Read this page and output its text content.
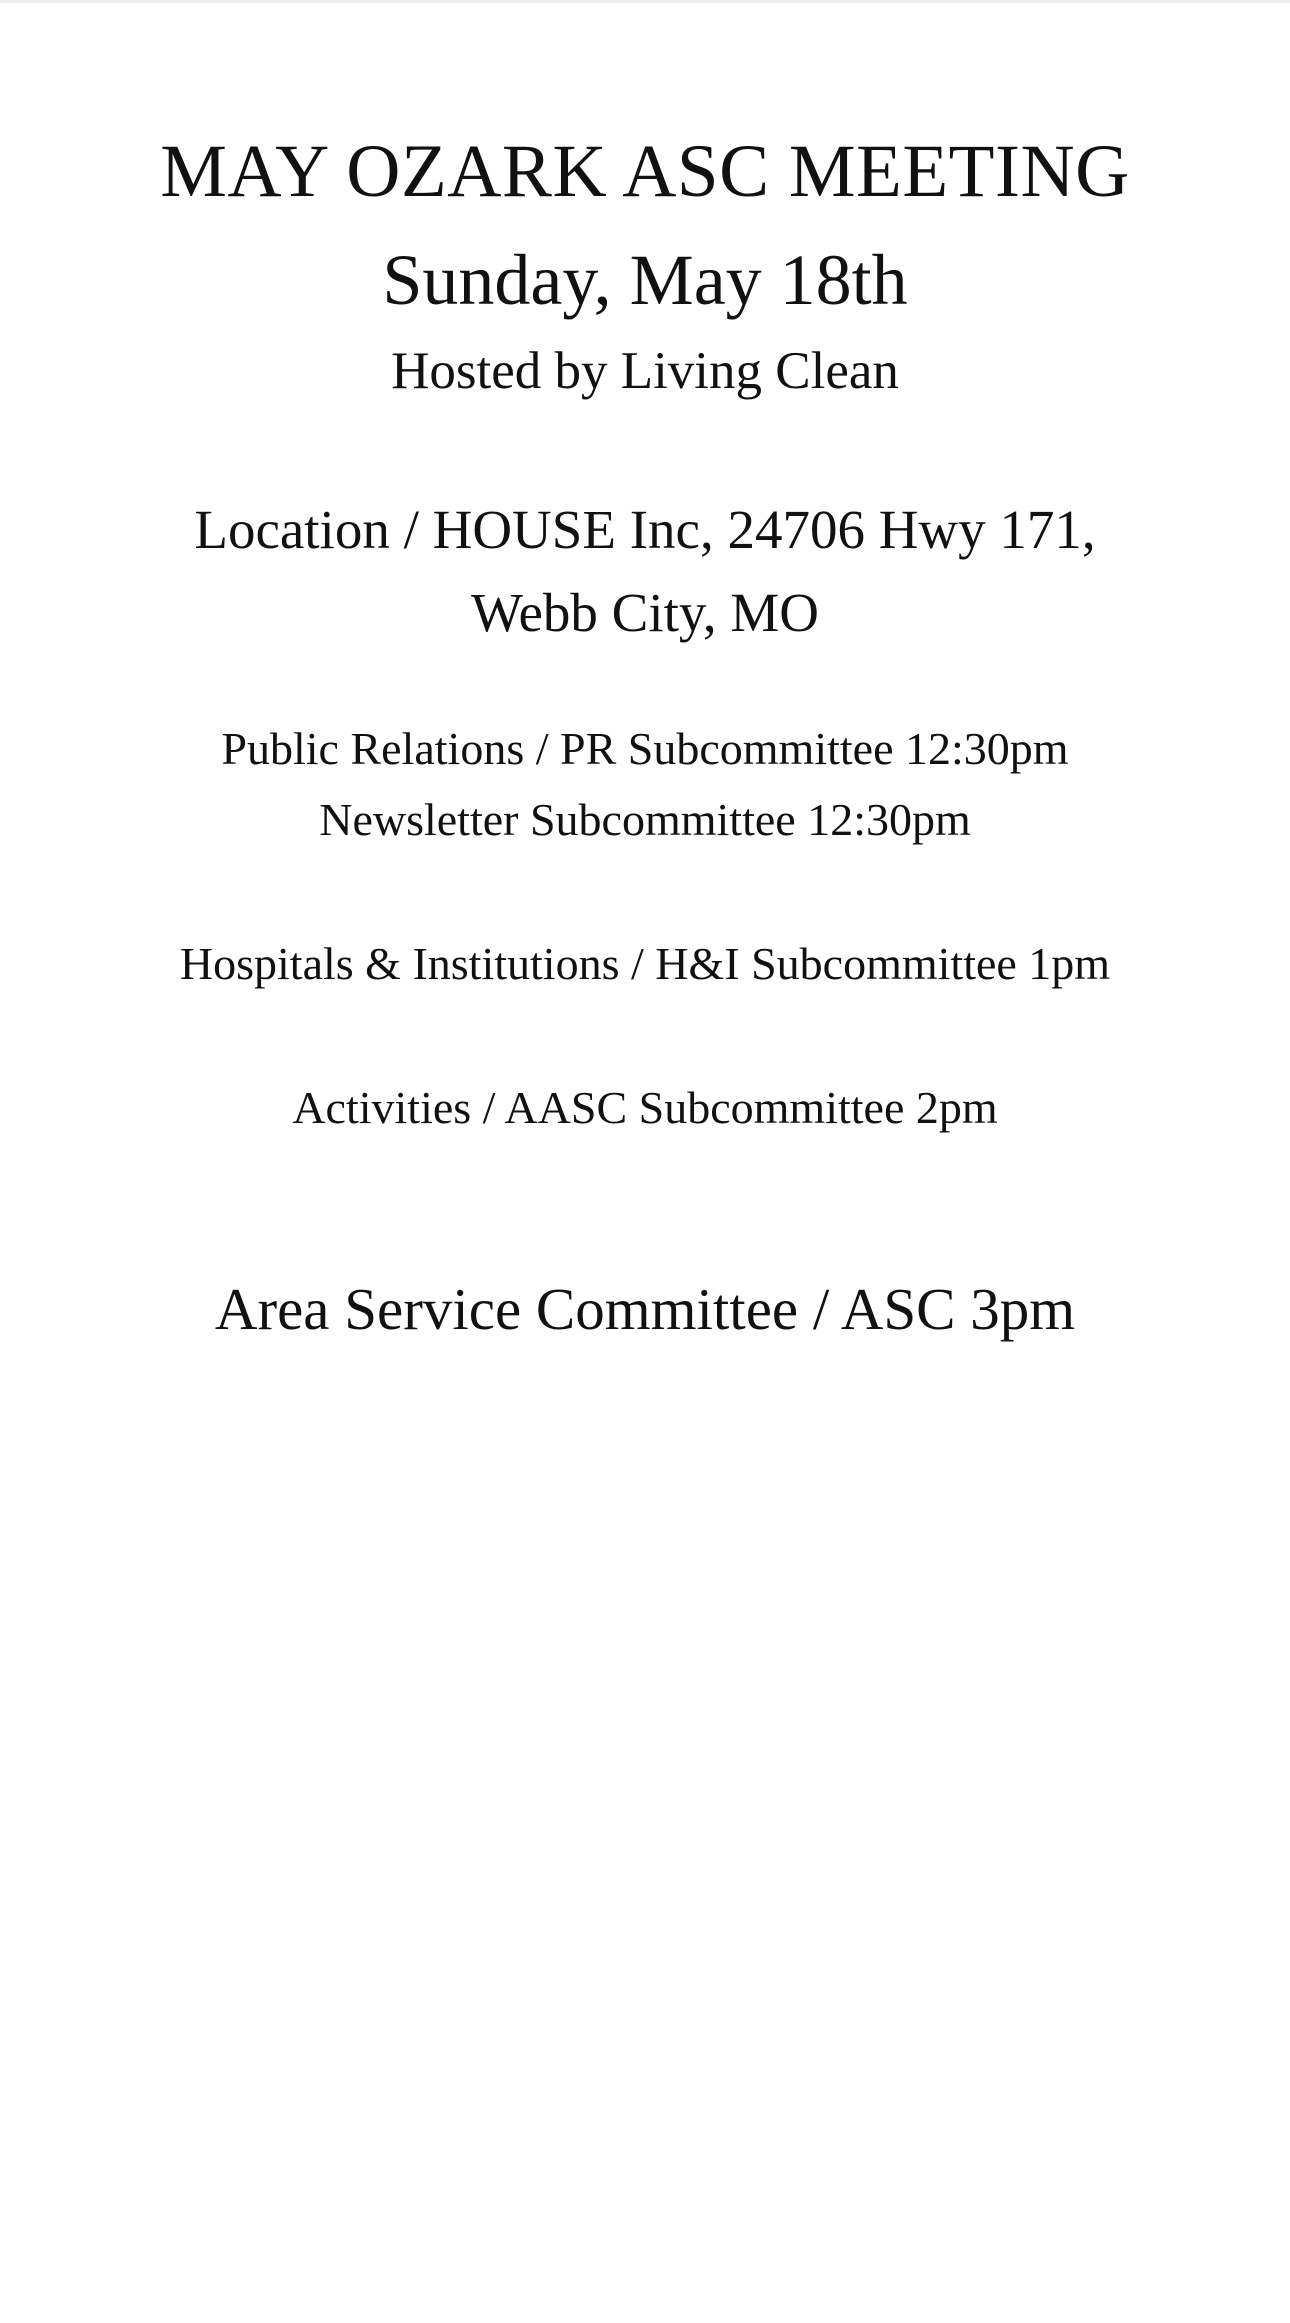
MAY OZARK ASC MEETING
Sunday, May 18th
Hosted by Living Clean
Location / HOUSE Inc, 24706 Hwy 171,
Webb City, MO
Public Relations / PR Subcommittee 12:30pm
Newsletter Subcommittee 12:30pm
Hospitals & Institutions / H&I Subcommittee 1pm
Activities / AASC Subcommittee 2pm
Area Service Committee / ASC 3pm
